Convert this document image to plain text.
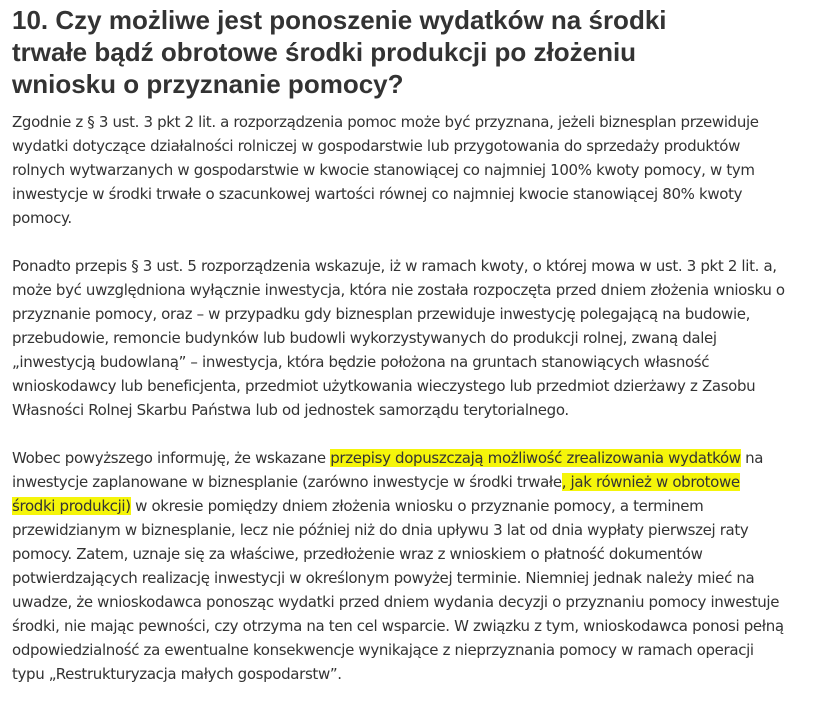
10. Czy możliwe jest ponoszenie wydatków na środki trwałe bądź obrotowe środki produkcji po złożeniu wniosku o przyznanie pomocy?

Zgodnie z § 3 ust. 3 pkt 2 lit. a rozporządzenia pomoc może być przyznana, jeżeli biznesplan przewiduje wydatki dotyczące działalności rolniczej w gospodarstwie lub przygotowania do sprzedaży produktów rolnych wytwarzanych w gospodarstwie w kwocie stanowiącej co najmniej 100% kwoty pomocy, w tym inwestycje w środki trwałe o szacunkowej wartości równej co najmniej kwocie stanowiącej 80% kwoty pomocy.

Ponadto przepis § 3 ust. 5 rozporządzenia wskazuje, iż w ramach kwoty, o której mowa w ust. 3 pkt 2 lit. a, może być uwzględniona wyłącznie inwestycja, która nie została rozpoczęta przed dniem złożenia wniosku o przyznanie pomocy, oraz – w przypadku gdy biznesplan przewiduje inwestycję polegającą na budowie, przebudowie, remoncie budynków lub budowli wykorzystywanych do produkcji rolnej, zwaną dalej „inwestycją budowlaną” – inwestycja, która będzie położona na gruntach stanowiących własność wnioskodawcy lub beneficjenta, przedmiot użytkowania wieczystego lub przedmiot dzierżawy z Zasobu Własności Rolnej Skarbu Państwa lub od jednostek samorządu terytorialnego.

Wobec powyższego informuję, że wskazane przepisy dopuszczają możliwość zrealizowania wydatków na inwestycje zaplanowane w biznesplanie (zarówno inwestycje w środki trwałe, jak również w obrotowe środki produkcji) w okresie pomiędzy dniem złożenia wniosku o przyznanie pomocy, a terminem przewidzianym w biznesplanie, lecz nie później niż do dnia upływu 3 lat od dnia wypłaty pierwszej raty pomocy. Zatem, uznaje się za właściwe, przedłożenie wraz z wnioskiem o płatność dokumentów potwierdzających realizację inwestycji w określonym powyżej terminie. Niemniej jednak należy mieć na uwadze, że wnioskodawca ponosząc wydatki przed dniem wydania decyzji o przyznaniu pomocy inwestuje środki, nie mając pewności, czy otrzyma na ten cel wsparcie. W związku z tym, wnioskodawca ponosi pełną odpowiedzialność za ewentualne konsekwencje wynikające z nieprzyznania pomocy w ramach operacji typu „Restrukturyzacja małych gospodarstw”.
